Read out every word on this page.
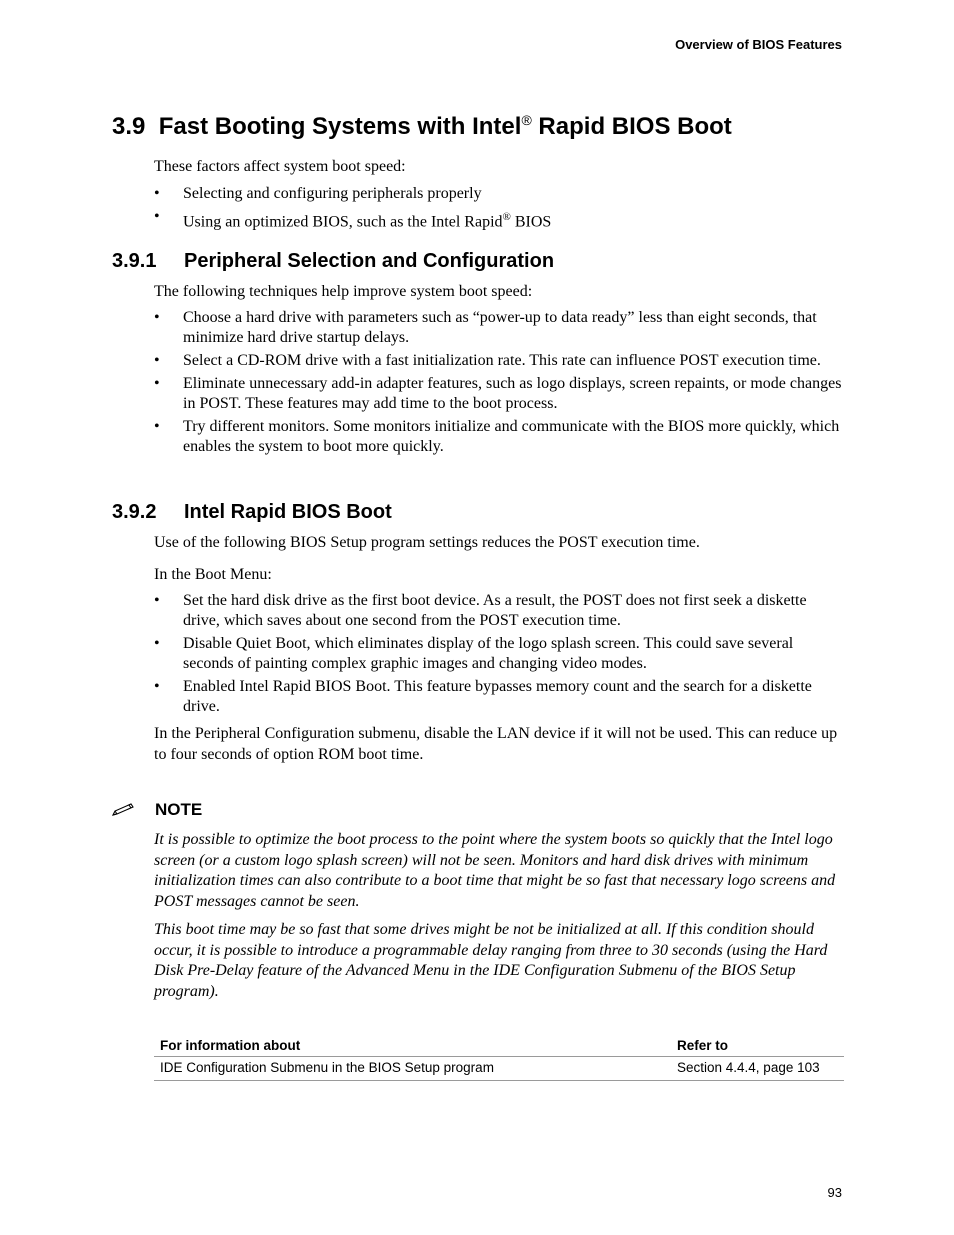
Overview of BIOS Features
3.9 Fast Booting Systems with Intel® Rapid BIOS Boot

These factors affect system boot speed:

• Selecting and configuring peripherals properly
• Using an optimized BIOS, such as the Intel Rapid® BIOS
3.9.1 Peripheral Selection and Configuration

The following techniques help improve system boot speed:

• Choose a hard drive with parameters such as “power-up to data ready” less than eight seconds, that minimize hard drive startup delays.
• Select a CD-ROM drive with a fast initialization rate. This rate can influence POST execution time.
• Eliminate unnecessary add-in adapter features, such as logo displays, screen repaints, or mode changes in POST. These features may add time to the boot process.
• Try different monitors. Some monitors initialize and communicate with the BIOS more quickly, which enables the system to boot more quickly.
3.9.2 Intel Rapid BIOS Boot

Use of the following BIOS Setup program settings reduces the POST execution time.

In the Boot Menu:

• Set the hard disk drive as the first boot device. As a result, the POST does not first seek a diskette drive, which saves about one second from the POST execution time.
• Disable Quiet Boot, which eliminates display of the logo splash screen. This could save several seconds of painting complex graphic images and changing video modes.
• Enabled Intel Rapid BIOS Boot. This feature bypasses memory count and the search for a diskette drive.

In the Peripheral Configuration submenu, disable the LAN device if it will not be used. This can reduce up to four seconds of option ROM boot time.

NOTE

It is possible to optimize the boot process to the point where the system boots so quickly that the Intel logo screen (or a custom logo splash screen) will not be seen. Monitors and hard disk drives with minimum initialization times can also contribute to a boot time that might be so fast that necessary logo screens and POST messages cannot be seen.

This boot time may be so fast that some drives might be not be initialized at all. If this condition should occur, it is possible to introduce a programmable delay ranging from three to 30 seconds (using the Hard Disk Pre-Delay feature of the Advanced Menu in the IDE Configuration Submenu of the BIOS Setup program).

For information about	Refer to
IDE Configuration Submenu in the BIOS Setup program	Section 4.4.4, page 103
93
